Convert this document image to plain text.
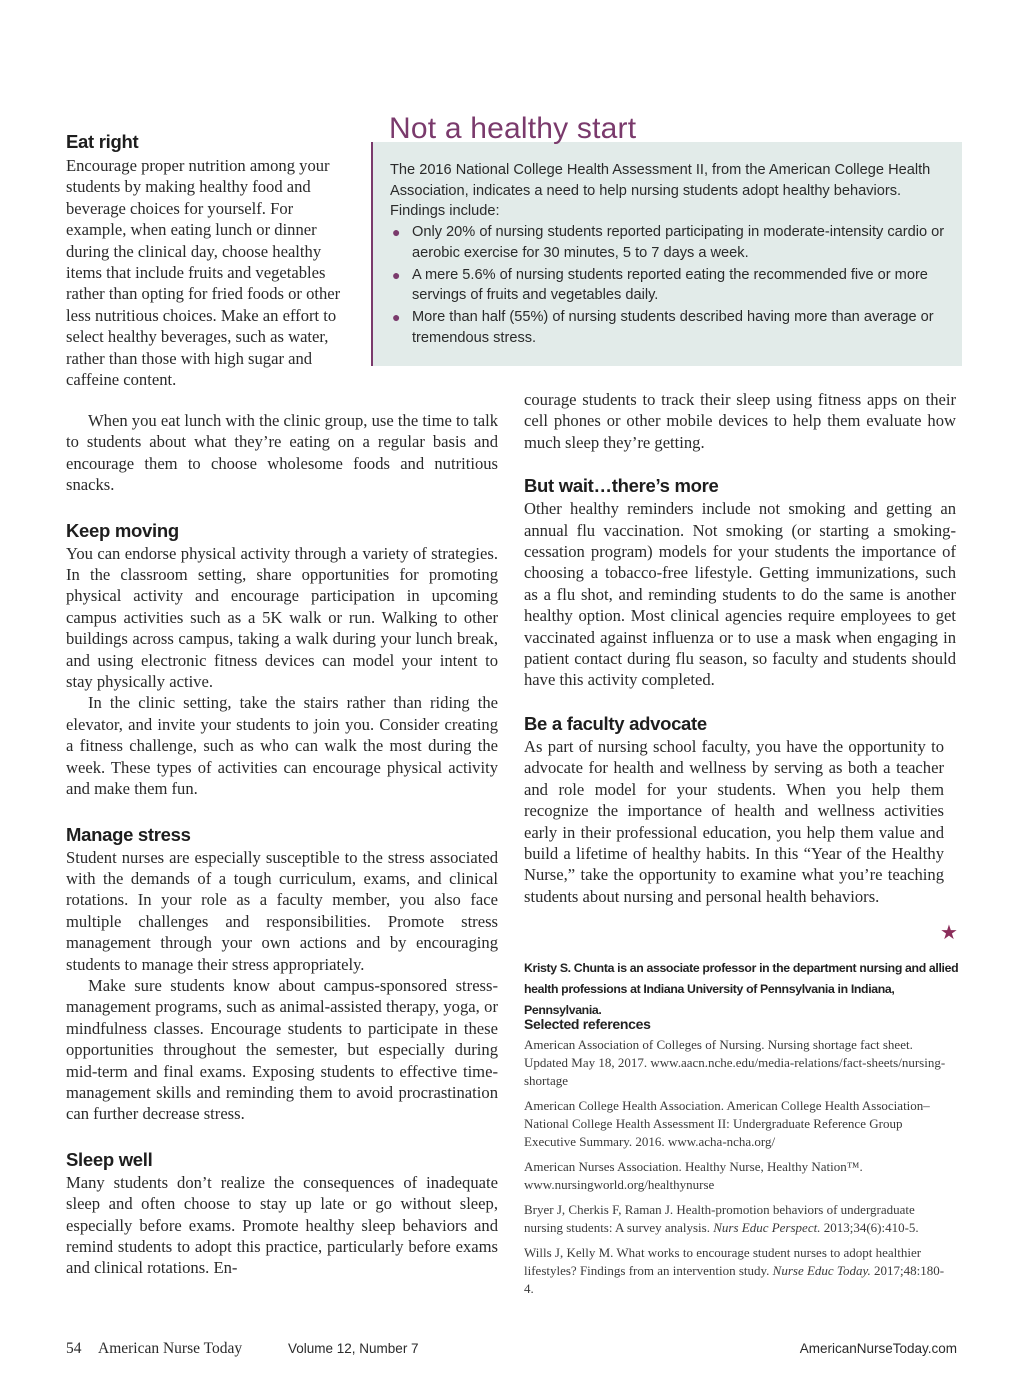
The 2016 National College Health Assessment II, from the American College Health Association, indicates a need to help nursing students adopt healthy behaviors. Findings include:
● Only 20% of nursing students reported participating in moderate-intensity cardio or aerobic exercise for 30 minutes, 5 to 7 days a week.
● A mere 5.6% of nursing students reported eating the recommended five or more servings of fruits and vegetables daily.
● More than half (55%) of nursing students described having more than average or tremendous stress.
Not a healthy start
Eat right

Encourage proper nutrition among your students by making healthy food and beverage choices for yourself. For example, when eating lunch or dinner during the clinical day, choose healthy items that include fruits and vegetables rather than opting for fried foods or other less nutritious choices. Make an effort to select healthy beverages, such as water, rather than those with high sugar and caffeine content.

When you eat lunch with the clinic group, use the time to talk to students about what they’re eating on a regular basis and encourage them to choose wholesome foods and nutritious snacks.

Keep moving

You can endorse physical activity through a variety of strategies. In the classroom setting, share opportunities for promoting physical activity and encourage participation in upcoming campus activities such as a 5K walk or run. Walking to other buildings across campus, taking a walk during your lunch break, and using electronic fitness devices can model your intent to stay physically active.

In the clinic setting, take the stairs rather than riding the elevator, and invite your students to join you. Consider creating a fitness challenge, such as who can walk the most during the week. These types of activities can encourage physical activity and make them fun.

Manage stress

Student nurses are especially susceptible to the stress associated with the demands of a tough curriculum, exams, and clinical rotations. In your role as a faculty member, you also face multiple challenges and responsibilities. Promote stress management through your own actions and by encouraging students to manage their stress appropriately.

Make sure students know about campus-sponsored stress-management programs, such as animal-assisted therapy, yoga, or mindfulness classes. Encourage students to participate in these opportunities throughout the semester, but especially during mid-term and final exams. Exposing students to effective time-management skills and reminding them to avoid procrastination can further decrease stress.

Sleep well

Many students don’t realize the consequences of inadequate sleep and often choose to stay up late or go without sleep, especially before exams. Promote healthy sleep behaviors and remind students to adopt this practice, particularly before exams and clinical rotations. En-

courage students to track their sleep using fitness apps on their cell phones or other mobile devices to help them evaluate how much sleep they’re getting.

But wait…there’s more

Other healthy reminders include not smoking and getting an annual flu vaccination. Not smoking (or starting a smoking-cessation program) models for your students the importance of choosing a tobacco-free lifestyle. Getting immunizations, such as a flu shot, and reminding students to do the same is another healthy option. Most clinical agencies require employees to get vaccinated against influenza or to use a mask when engaging in patient contact during flu season, so faculty and students should have this activity completed.

Be a faculty advocate

As part of nursing school faculty, you have the opportunity to advocate for health and wellness by serving as both a teacher and role model for your students. When you help them recognize the importance of health and wellness activities early in their professional education, you help them value and build a lifetime of healthy habits. In this “Year of the Healthy Nurse,” take the opportunity to examine what you’re teaching students about nursing and personal health behaviors.

★
Kristy S. Chunta is an associate professor in the department nursing and allied health professions at Indiana University of Pennsylvania in Indiana, Pennsylvania.
Selected references
American Association of Colleges of Nursing. Nursing shortage fact sheet. Updated May 18, 2017. www.aacn.nche.edu/media-relations/fact-sheets/nursing-shortage
American College Health Association. American College Health Association–National College Health Assessment II: Undergraduate Reference Group Executive Summary. 2016. www.acha-ncha.org/
American Nurses Association. Healthy Nurse, Healthy Nation™. www.nursingworld.org/healthynurse
Bryer J, Cherkis F, Raman J. Health-promotion behaviors of undergraduate nursing students: A survey analysis. Nurs Educ Perspect. 2013;34(6):410-5.
Wills J, Kelly M. What works to encourage student nurses to adopt healthier lifestyles? Findings from an intervention study. Nurse Educ Today. 2017;48:180-4.
54 American Nurse Today	Volume 12, Number 7	AmericanNurseToday.com
